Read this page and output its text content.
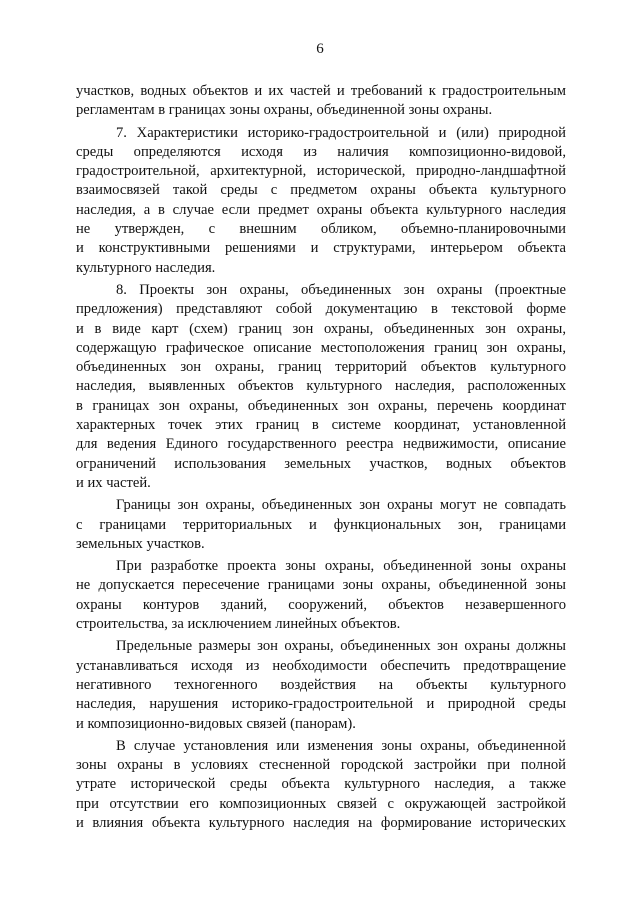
6
участков, водных объектов и их частей и требований к градостроительным
регламентам в границах зоны охраны, объединенной зоны охраны.
7. Характеристики историко-градостроительной и (или) природной
среды определяются исходя из наличия композиционно-видовой,
градостроительной, архитектурной, исторической, природно-ландшафтной
взаимосвязей такой среды с предметом охраны объекта культурного
наследия, а в случае если предмет охраны объекта культурного наследия
не утвержден, с внешним обликом, объемно-планировочными
и конструктивными решениями и структурами, интерьером объекта
культурного наследия.
8. Проекты зон охраны, объединенных зон охраны (проектные
предложения) представляют собой документацию в текстовой форме
и в виде карт (схем) границ зон охраны, объединенных зон охраны,
содержащую графическое описание местоположения границ зон охраны,
объединенных зон охраны, границ территорий объектов культурного
наследия, выявленных объектов культурного наследия, расположенных
в границах зон охраны, объединенных зон охраны, перечень координат
характерных точек этих границ в системе координат, установленной
для ведения Единого государственного реестра недвижимости, описание
ограничений использования земельных участков, водных объектов
и их частей.
Границы зон охраны, объединенных зон охраны могут не совпадать
с границами территориальных и функциональных зон, границами
земельных участков.
При разработке проекта зоны охраны, объединенной зоны охраны
не допускается пересечение границами зоны охраны, объединенной зоны
охраны контуров зданий, сооружений, объектов незавершенного
строительства, за исключением линейных объектов.
Предельные размеры зон охраны, объединенных зон охраны должны
устанавливаться исходя из необходимости обеспечить предотвращение
негативного техногенного воздействия на объекты культурного
наследия, нарушения историко-градостроительной и природной среды
и композиционно-видовых связей (панорам).
В случае установления или изменения зоны охраны, объединенной
зоны охраны в условиях стесненной городской застройки при полной
утрате исторической среды объекта культурного наследия, а также
при отсутствии его композиционных связей с окружающей застройкой
и влияния объекта культурного наследия на формирование исторических
